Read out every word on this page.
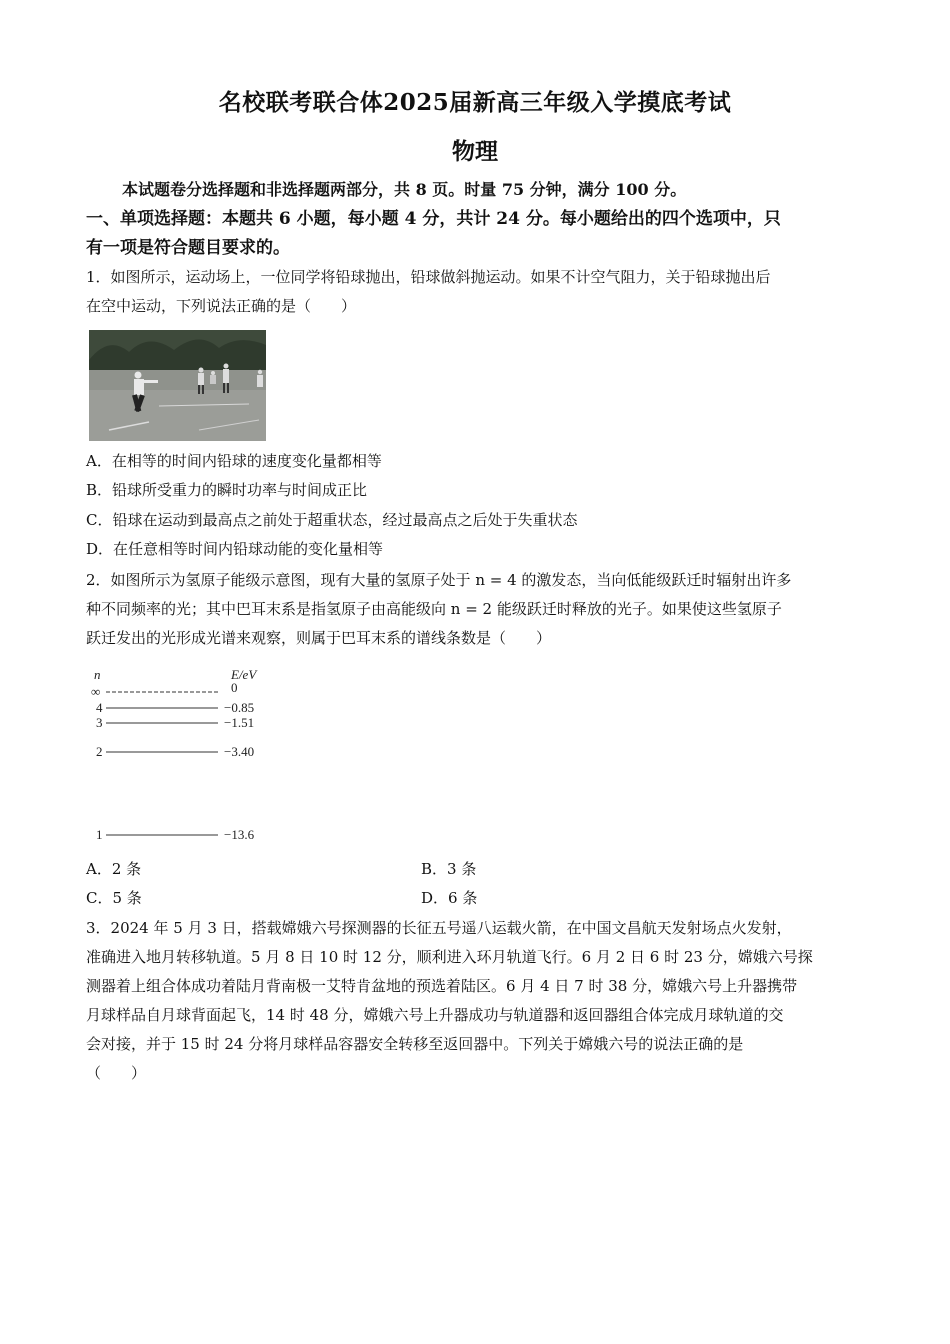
名校联考联合体2025届新高三年级入学摸底考试
物理
本试题卷分选择题和非选择题两部分，共 8 页。时量 75 分钟，满分 100 分。
一、单项选择题：本题共 6 小题，每小题 4 分，共计 24 分。每小题给出的四个选项中，只
有一项是符合题目要求的。
1．如图所示，运动场上，一位同学将铅球抛出，铅球做斜抛运动。如果不计空气阻力，关于铅球抛出后
在空中运动，下列说法正确的是（　　）
A．在相等的时间内铅球的速度变化量都相等
B．铅球所受重力的瞬时功率与时间成正比
C．铅球在运动到最高点之前处于超重状态，经过最高点之后处于失重状态
D．在任意相等时间内铅球动能的变化量相等
2．如图所示为氢原子能级示意图，现有大量的氢原子处于 n = 4 的激发态，当向低能级跃迁时辐射出许多
种不同频率的光；其中巴耳末系是指氢原子由高能级向 n = 2 能级跃迁时释放的光子。如果使这些氢原子
跃迁发出的光形成光谱来观察，则属于巴耳末系的谱线条数是（　　）
n	E/eV
∞	0
4	−0.85
3	−1.51
2	−3.40
1	−13.6
A．2 条	B．3 条
C．5 条	D．6 条
3．2024 年 5 月 3 日，搭载嫦娥六号探测器的长征五号遥八运载火箭，在中国文昌航天发射场点火发射，
准确进入地月转移轨道。5 月 8 日 10 时 12 分，顺利进入环月轨道飞行。6 月 2 日 6 时 23 分，嫦娥六号探
测器着上组合体成功着陆月背南极一艾特肯盆地的预选着陆区。6 月 4 日 7 时 38 分，嫦娥六号上升器携带
月球样品自月球背面起飞，14 时 48 分，嫦娥六号上升器成功与轨道器和返回器组合体完成月球轨道的交
会对接，并于 15 时 24 分将月球样品容器安全转移至返回器中。下列关于嫦娥六号的说法正确的是
（　　）
